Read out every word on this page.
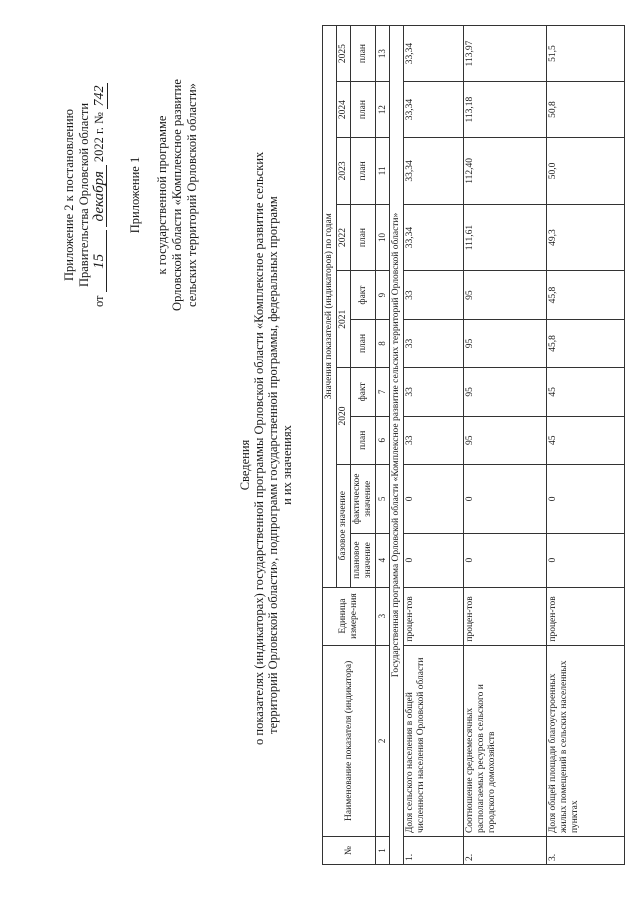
Приложение 2 к постановлению Правительства Орловской области
от 15 декабря 2022 г. № 742
Приложение 1 к государственной программе Орловской области «Комплексное развитие сельских территорий Орловской области»
Сведения о показателях (индикаторах) государственной программы Орловской области «Комплексное развитие сельских территорий Орловской области», подпрограмм государственной программы, федеральных программ и их значениях
№	Наименование показателя (индикатора)	Единица измере-ния	Значения показателей (индикаторов) по годам									
			базовое значение		2020		2021		2022	2023	2024	2025
			плановое значение	фактическое значение	план	факт	план	факт	план	план	план	план
1	2	3	4	5	6	7	8	9	10	11	12	13
Государственная программа Орловской области «Комплексное развитие сельских территорий Орловской области»												
1.	Доля сельского населения в общей численности населения Орловской области	процен-тов	0	0	33	33	33	33	33,34	33,34	33,34	33,34
2.	Соотношение среднемесячных располагаемых ресурсов сельского и городского домохозяйств	процен-тов	0	0	95	95	95	95	111,61	112,40	113,18	113,97
3.	Доля общей площади благоустроенных жилых помещений в сельских населенных пунктах	процен-тов	0	0	45	45	45,8	45,8	49,3	50,0	50,8	51,5
